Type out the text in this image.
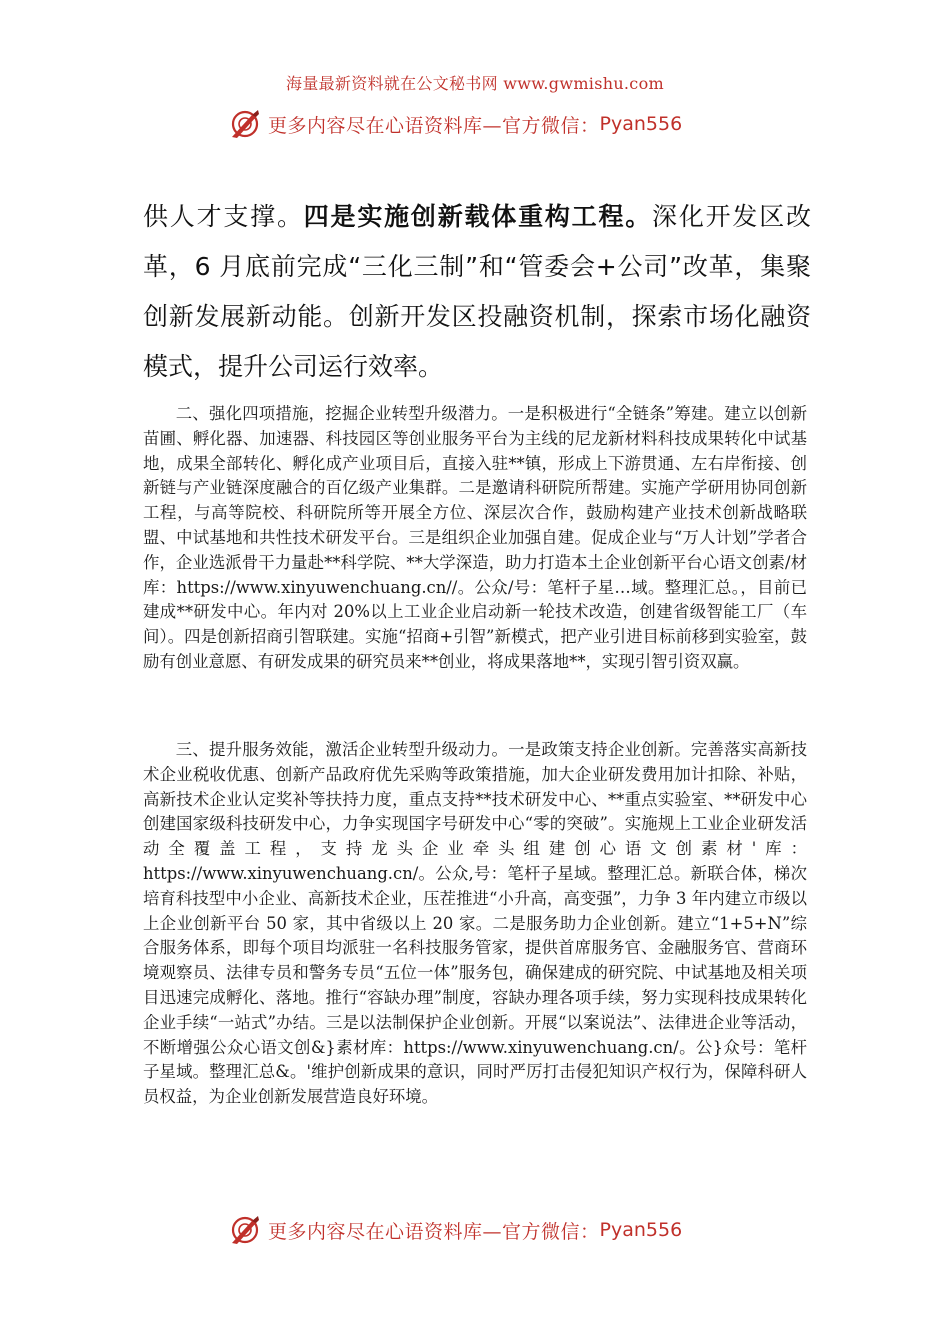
海量最新资料就在公文秘书网 www.gwmishu.com
更多内容尽在心语资料库—官方微信： Pyan556
供人才支撑。四是实施创新载体重构工程。深化开发区改革，6 月底前完成“三化三制”和“管委会+公司”改革，集聚创新发展新动能。创新开发区投融资机制，探索市场化融资模式，提升公司运行效率。

二、强化四项措施，挖掘企业转型升级潜力。一是积极进行“全链条”筹建。建立以创新苗圃、孵化器、加速器、科技园区等创业服务平台为主线的尼龙新材料科技成果转化中试基地，成果全部转化、孵化成产业项目后，直接入驻**镇，形成上下游贯通、左右岸衔接、创新链与产业链深度融合的百亿级产业集群。二是邀请科研院所帮建。实施产学研用协同创新工程，与高等院校、科研院所等开展全方位、深层次合作，鼓励构建产业技术创新战略联盟、中试基地和共性技术研发平台。三是组织企业加强自建。促成企业与“万人计划”学者合作，企业选派骨干力量赴**科学院、**大学深造，助力打造本土企业创新平台心语文创素/材库：https://www.xinyuwenchuang.cn//。公众/号：笔杆子星…域。整理汇总。，目前已建成**研发中心。年内对 20%以上工业企业启动新一轮技术改造，创建省级智能工厂（车间）。四是创新招商引智联建。实施“招商+引智”新模式，把产业引进目标前移到实验室，鼓励有创业意愿、有研发成果的研究员来**创业，将成果落地**，实现引智引资双赢。

三、提升服务效能，激活企业转型升级动力。一是政策支持企业创新。完善落实高新技术企业税收优惠、创新产品政府优先采购等政策措施，加大企业研发费用加计扣除、补贴，高新技术企业认定奖补等扶持力度，重点支持**技术研发中心、**重点实验室、**研发中心创建国家级科技研发中心，力争实现国字号研发中心“零的突破”。实施规上工业企业研发活动全覆盖工程，支持龙头企业牵头组建创心语文创素材'库：https://www.xinyuwenchuang.cn/。公众,号：笔杆子星域。整理汇总。新联合体，梯次培育科技型中小企业、高新技术企业，压茬推进“小升高，高变强”，力争 3 年内建立市级以上企业创新平台 50 家，其中省级以上 20 家。二是服务助力企业创新。建立“1+5+N”综合服务体系，即每个项目均派驻一名科技服务管家，提供首席服务官、金融服务官、营商环境观察员、法律专员和警务专员“五位一体”服务包，确保建成的研究院、中试基地及相关项目迅速完成孵化、落地。推行“容缺办理”制度，容缺办理各项手续，努力实现科技成果转化企业手续“一站式”办结。三是以法制保护企业创新。开展“以案说法”、法律进企业等活动，不断增强公众心语文创&}素材库：https://www.xinyuwenchuang.cn/。公}众号：笔杆子星域。整理汇总&。'维护创新成果的意识，同时严厉打击侵犯知识产权行为，保障科研人员权益，为企业创新发展营造良好环境。

更多内容尽在心语资料库—官方微信： Pyan556
